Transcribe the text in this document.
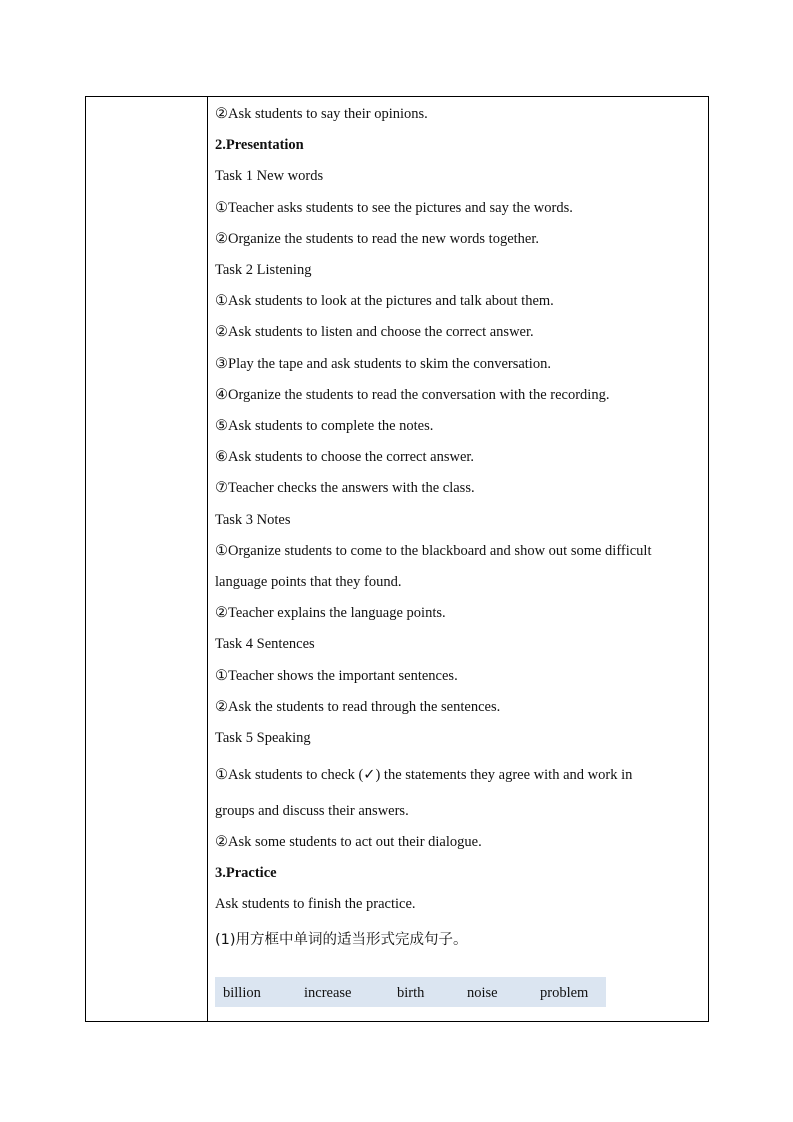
②Ask students to say their opinions.
2.Presentation
Task 1 New words
①Teacher asks students to see the pictures and say the words.
②Organize the students to read the new words together.
Task 2 Listening
①Ask students to look at the pictures and talk about them.
②Ask students to listen and choose the correct answer.
③Play the tape and ask students to skim the conversation.
④Organize the students to read the conversation with the recording.
⑤Ask students to complete the notes.
⑥Ask students to choose the correct answer.
⑦Teacher checks the answers with the class.
Task 3 Notes
①Organize students to come to the blackboard and show out some difficult
language points that they found.
②Teacher explains the language points.
Task 4 Sentences
①Teacher shows the important sentences.
②Ask the students to read through the sentences.
Task 5 Speaking
①Ask students to check (✓) the statements they agree with and work in
groups and discuss their answers.
②Ask some students to act out their dialogue.
3.Practice
Ask students to finish the practice.
(1)用方框中单词的适当形式完成句子。
billion	increase	birth	noise	problem
